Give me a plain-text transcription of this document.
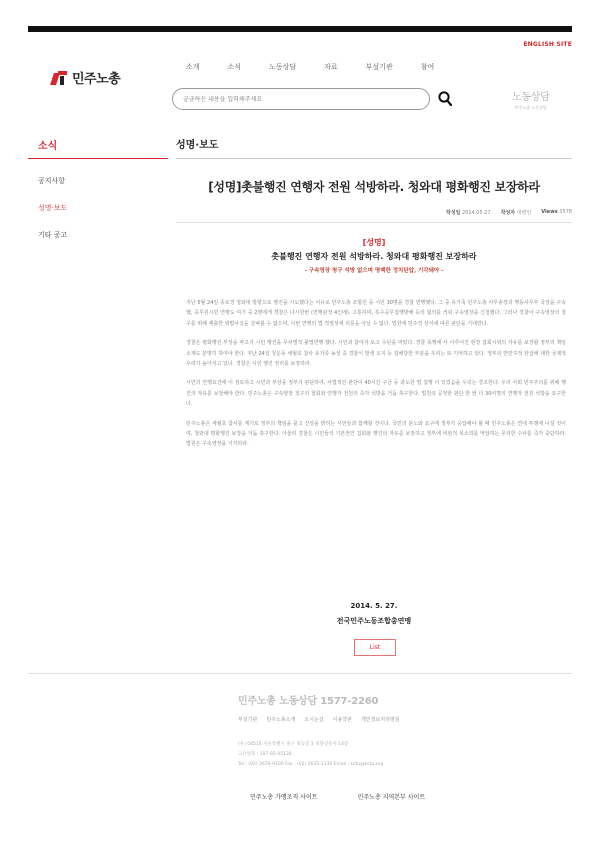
ENGLISH SITE
민주노총
소개	소식	노동상담	자료	부설기관	참여
궁금하신 내용을 입력해주세요
노동상담
민주노총 노동상담
소식
공지사항
성명·보도
기타 공고
성명·보도
[성명]촛불행진 연행자 전원 석방하라. 청와대 평화행진 보장하라
작성일 2014.05.27 작성자 대변인 Views 3578
[성명]
촛불행진 연행자 전원 석방하라. 청와대 평화행진 보장하라
- 구속영장 청구 석방 없으며 명백한 정치탄압, 기각돼야 -

지난 5월 24일 종로경 청와대 방향으로 행진을 시도했다는 이유로 민주노총 조합원 등 시민 30명을 경찰 연행했다. 그 중 유가족 민주노총 사무총장과 행동사무부 국장을 구속했, 공무원시민 연행도 여기 중 2명에게 경찰은 다시한번 (연행판정 4인에). 고통하며, 특수공무집행방해 등의 혐의를 씌워 구속영장을 신청했다. 그러나 경찰이 구속영장의 청구를 위해 제출한 위법사실을 살펴볼 수 없으며, 이번 연행의 법 적절성에 의문을 아닐 수 없다. 법원에 민주적 상식에 따른 판단을 기대한다.

경찰은 평화행진 부상을 막고자 시민 행진을 무차별적 불법연행 했다. 시민과 참여자 보고 수단을 막았다. 경찰 폭행에 사 이루어진 현장 집회시위의 자유를 보장할 정부의 책임 소재도 분명히 하여야 한다. 지난 24일 청운동 세월호 참사 유가족 농성 중 경찰이 발생 오지 등 침해당한 부분을 우리는 또 기억하고 있다. 정부의 반민주적 탄압에 대한 국제적 우려가 높아지고 있다. 경찰은 시민 행진 권리를 보장하라.

시민의 연행요건에 이 검토하고 시민과 부상을 정부가 판단하여, 사법적인 판단이 40시간 구금 등 과도한 법 집행 이 있었음을 우리는 강조한다. 우리 사회 민주주의를 위해 행진의 자유를 보장해야 한다. 민주노총은 구속영장 청구의 철회와 연행자 전원의 즉각 석방을 거듭 촉구한다. 법원의 공정한 판단 한 번 더 30여명의 연행자 전원 석방을 요구한다.

민주노총은 세월호 참사를 계기로 정부의 책임을 묻고 진상을 밝히는 시민들과 함께할 것이다. 국민의 분노와 요구에 정부가 응답해야 할 때 민주노총은 연대 투쟁에 나설 것이며, 청와대 평화행진 보장을 거듭 촉구한다. 아울러 경찰은 시민들의 기본권인 집회와 행진의 자유를 보장하고 정부에 비판적 목소리를 억압하는 무리한 수사를 즉각 중단하라. 법원은 구속영장을 기각하라.

2014. 5. 27.
전국민주노동조합총연맹
List
민주노총 노동상담 1577-2260
부설기관 민주노총소개 오시는길 이용약관 개인정보처리방침
(우) 04518 서울특별시 중구 정동길 3 경향신문사 14층
고유번호 : 107-82-05130
Tel : (02) 2670-9100 Fax : (02) 2635-1134 Email : kctu@kctu.org
민주노총 가맹조직 사이트	민주노총 지역본부 사이트
